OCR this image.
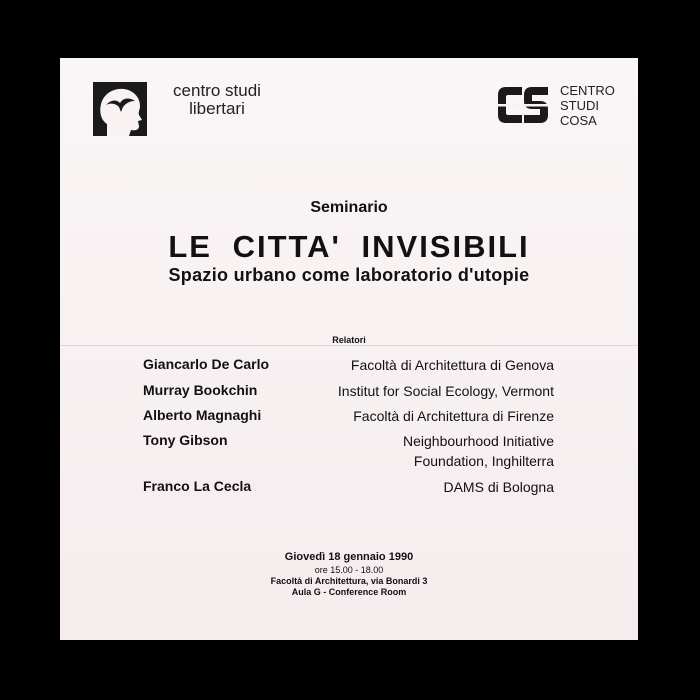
centro studi
libertari
CENTRO
STUDI
COSA
Seminario
LE CITTA' INVISIBILI
Spazio urbano come laboratorio d'utopie
Relatori
Giancarlo De Carlo	Facoltà di Architettura di Genova
Murray Bookchin	Institut for Social Ecology, Vermont
Alberto Magnaghi	Facoltà di Architettura di Firenze
Tony Gibson	Neighbourhood Initiative
Foundation, Inghilterra
Franco La Cecla	DAMS di Bologna
Giovedì 18 gennaio 1990
ore 15.00 - 18.00
Facoltà di Architettura, via Bonardi 3
Aula G - Conference Room
